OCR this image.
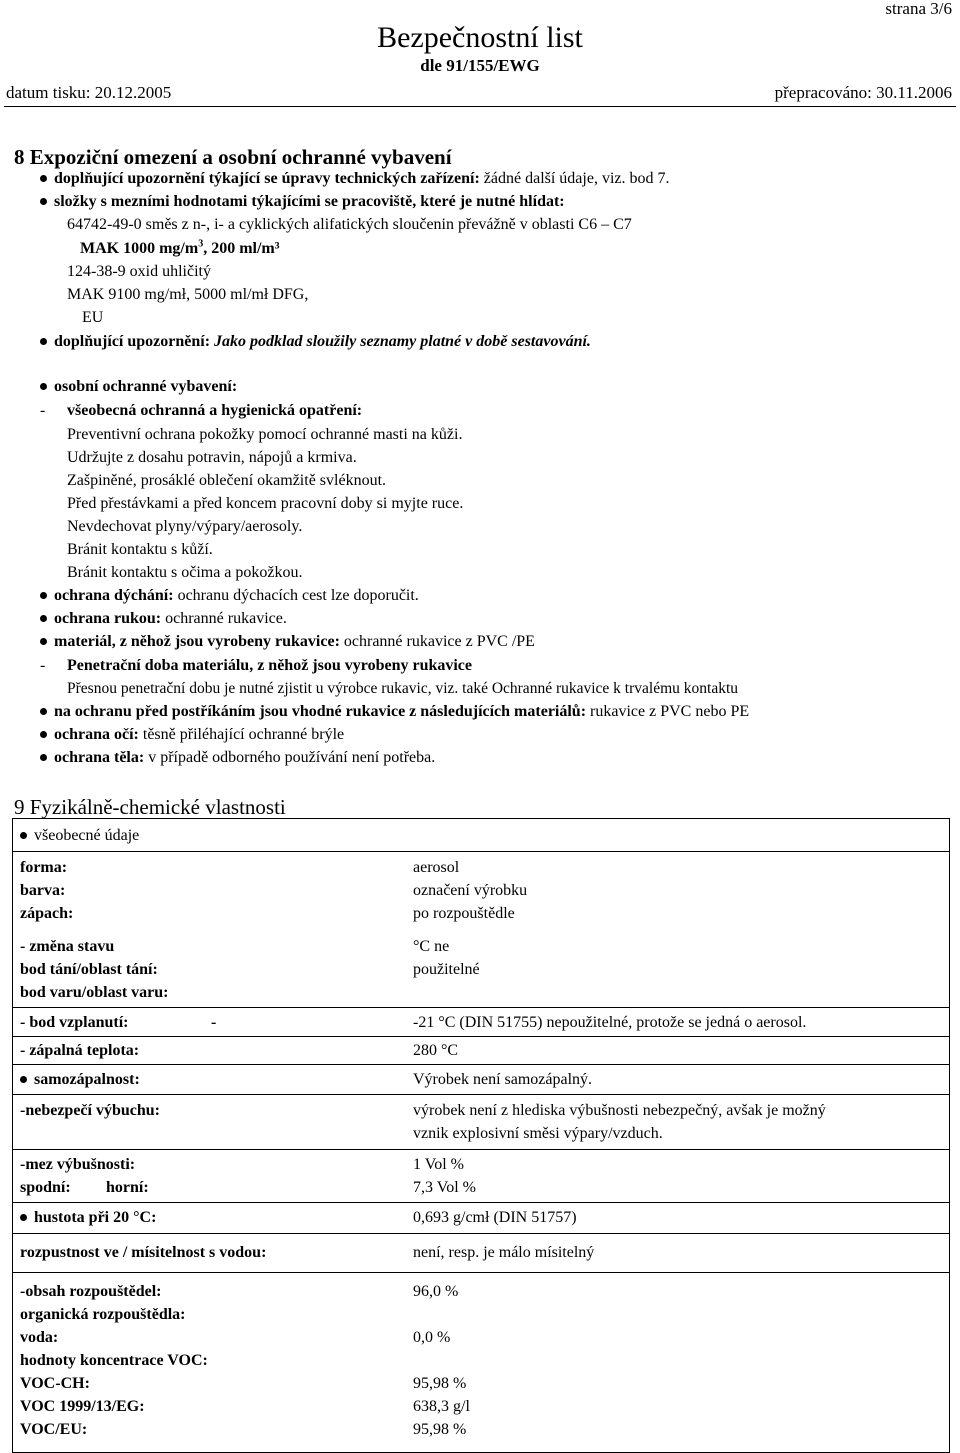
strana 3/6
Bezpečnostní list
dle 91/155/EWG
datum tisku: 20.12.2005	přepracováno: 30.11.2006
8 Expoziční omezení a osobní ochranné vybavení
doplňující upozornění týkající se úpravy technických zařízení: žádné další údaje, viz. bod 7.
složky s mezními hodnotami týkajícími se pracoviště, které je nutné hlídat:
64742-49-0 směs z n-, i- a cyklických alifatických sloučenin převážně v oblasti C6 – C7
MAK 1000 $mg/m^3$, 200 ml/m³
124-38-9 oxid uhličitý
MAK 9100 mg/mł, 5000 ml/mł DFG,
EU
doplňující upozornění: Jako podklad sloužily seznamy platné v době sestavování.
osobní ochranné vybavení:
- všeobecná ochranná a hygienická opatření:
Preventivní ochrana pokožky pomocí ochranné masti na kůži.
Udržujte z dosahu potravin, nápojů a krmiva.
Zašpiněné, prosáklé oblečení okamžitě svléknout.
Před přestávkami a před koncem pracovní doby si myjte ruce.
Nevdechovat plyny/výpary/aerosoly.
Bránit kontaktu s kůží.
Bránit kontaktu s očima a pokožkou.
ochrana dýchání: ochranu dýchacích cest lze doporučit.
ochrana rukou: ochranné rukavice.
materiál, z něhož jsou vyrobeny rukavice: ochranné rukavice z PVC /PE
- Penetrační doba materiálu, z něhož jsou vyrobeny rukavice
Přesnou penetrační dobu je nutné zjistit u výrobce rukavic, viz. také Ochranné rukavice k trvalému kontaktu
na ochranu před postříkáním jsou vhodné rukavice z následujících materiálů: rukavice z PVC nebo PE
ochrana očí: těsně přiléhající ochranné brýle
ochrana těla: v případě odborného používání není potřeba.
9 Fyzikálně-chemické vlastnosti
všeobecné údaje
forma:	aerosol
barva:	označení výrobku
zápach:	po rozpouštědle
- změna stavu	°C ne
bod tání/oblast tání:	použitelné
bod varu/oblast varu:
- bod vzplanutí:	-	-21 °C (DIN 51755) nepoužitelné, protože se jedná o aerosol.
- zápalná teplota:	280 °C
samozápalnost:	Výrobek není samozápalný.
-nebezpečí výbuchu:	výrobek není z hlediska výbušnosti nebezpečný, avšak je možný
vznik explosivní směsi výpary/vzduch.
-mez výbušnosti:	1 Vol %
spodní: horní:	7,3 Vol %
hustota při 20 °C:	0,693 g/cmł (DIN 51757)
rozpustnost ve / mísitelnost s vodou:	není, resp. je málo mísitelný
-obsah rozpouštědel:	96,0 %
organická rozpouštědla:
voda:	0,0 %
hodnoty koncentrace VOC:
VOC-CH:	95,98 %
VOC 1999/13/EG:	638,3 g/l
VOC/EU:	95,98 %
